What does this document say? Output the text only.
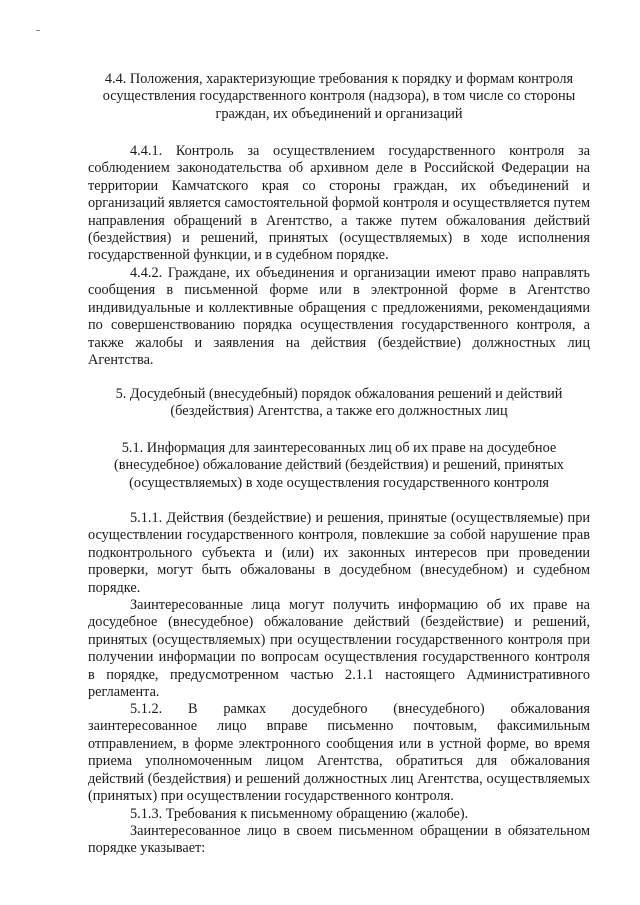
4.4. Положения, характеризующие требования к порядку и формам контроля
осуществления государственного контроля (надзора), в том числе со стороны
граждан, их объединений и организаций

4.4.1. Контроль за осуществлением государственного контроля за соблюдением законодательства об архивном деле в Российской Федерации на территории Камчатского края со стороны граждан, их объединений и организаций является самостоятельной формой контроля и осуществляется путем направления обращений в Агентство, а также путем обжалования действий (бездействия) и решений, принятых (осуществляемых) в ходе исполнения государственной функции, и в судебном порядке.

4.4.2. Граждане, их объединения и организации имеют право направлять сообщения в письменной форме или в электронной форме в Агентство индивидуальные и коллективные обращения с предложениями, рекомендациями по совершенствованию порядка осуществления государственного контроля, а также жалобы и заявления на действия (бездействие) должностных лиц Агентства.

5. Досудебный (внесудебный) порядок обжалования решений и действий
(бездействия) Агентства, а также его должностных лиц
5.1. Информация для заинтересованных лиц об их праве на досудебное
(внесудебное) обжалование действий (бездействия) и решений, принятых
(осуществляемых) в ходе осуществления государственного контроля

5.1.1. Действия (бездействие) и решения, принятые (осуществляемые) при осуществлении государственного контроля, повлекшие за собой нарушение прав подконтрольного субъекта и (или) их законных интересов при проведении проверки, могут быть обжалованы в досудебном (внесудебном) и судебном порядке.

Заинтересованные лица могут получить информацию об их праве на досудебное (внесудебное) обжалование действий (бездействие) и решений, принятых (осуществляемых) при осуществлении государственного контроля при получении информации по вопросам осуществления государственного контроля в порядке, предусмотренном частью 2.1.1 настоящего Административного регламента.

5.1.2. В рамках досудебного (внесудебного) обжалования заинтересованное лицо вправе письменно почтовым, факсимильным отправлением, в форме электронного сообщения или в устной форме, во время приема уполномоченным лицом Агентства, обратиться для обжалования действий (бездействия) и решений должностных лиц Агентства, осуществляемых (принятых) при осуществлении государственного контроля.

5.1.3. Требования к письменному обращению (жалобе).

Заинтересованное лицо в своем письменном обращении в обязательном порядке указывает:
